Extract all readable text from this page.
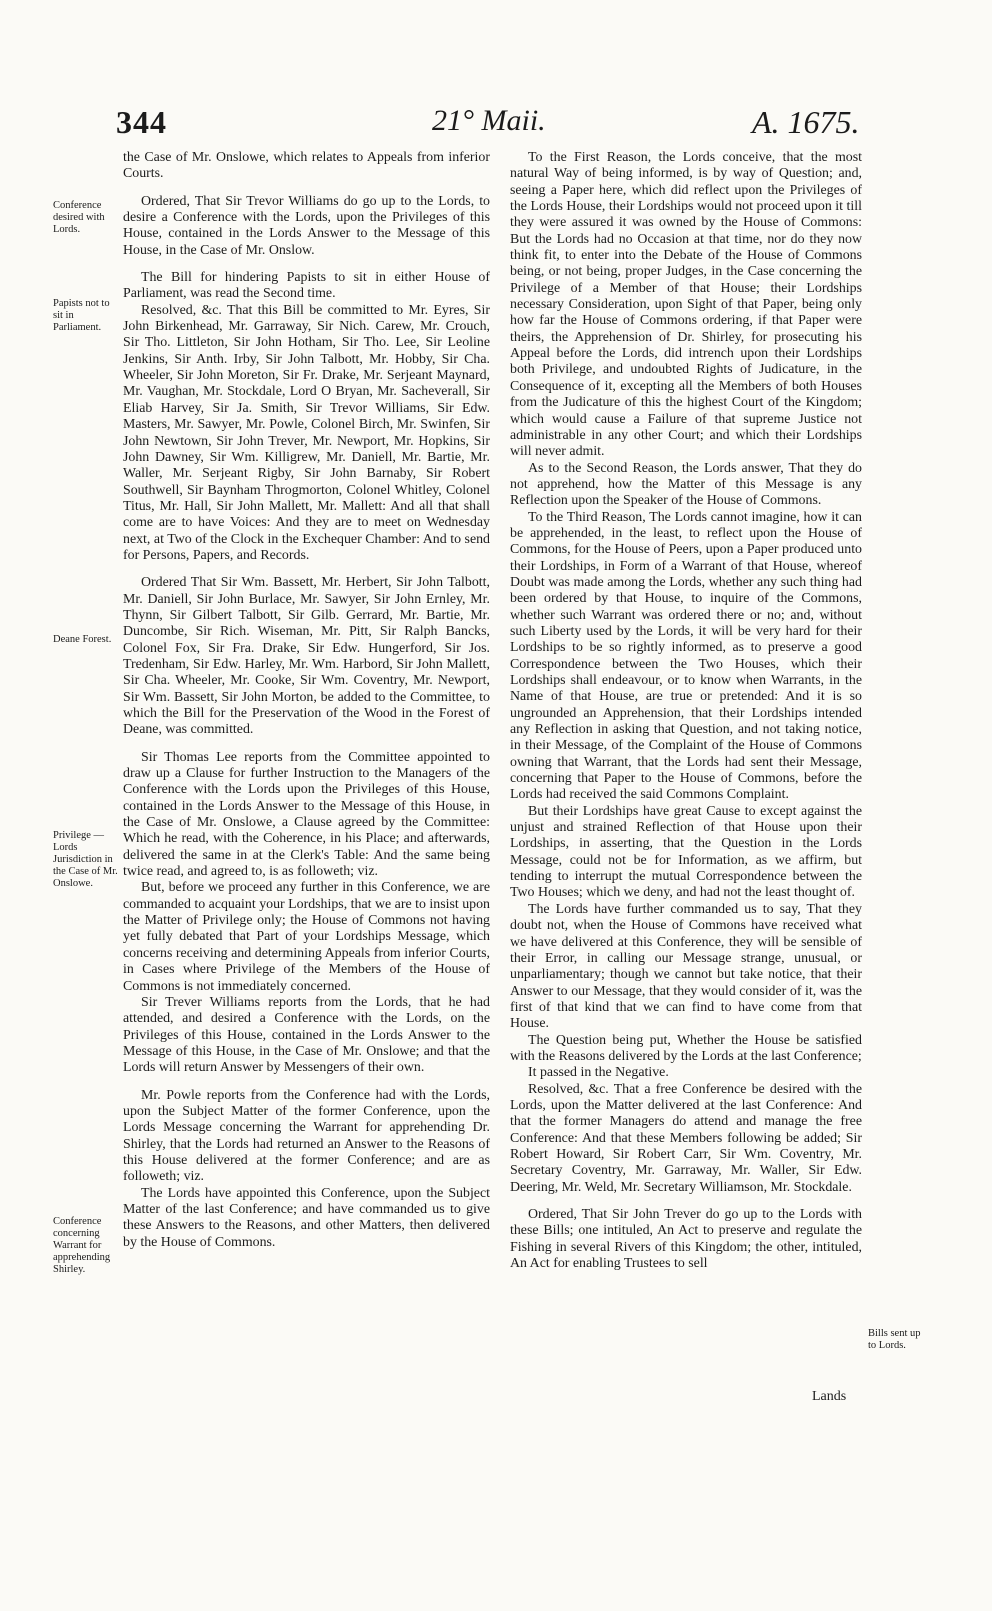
344	21° Maii.	A. 1675.
Conference desired with Lords.
Papists not to sit in Parliament.
Deane Forest.
Privilege — Lords Jurisdiction in the Case of Mr. Onslowe.
Conference concerning Warrant for apprehending Shirley.
Bills sent up to Lords.

the Case of Mr. Onslowe, which relates to Appeals from inferior Courts.

Ordered, That Sir Trevor Williams do go up to the Lords, to desire a Conference with the Lords, upon the Privileges of this House, contained in the Lords Answer to the Message of this House, in the Case of Mr. Onslow.

The Bill for hindering Papists to sit in either House of Parliament, was read the Second time.

Resolved, &c. That this Bill be committed to Mr. Eyres, Sir John Birkenhead, Mr. Garraway, Sir Nich. Carew, Mr. Crouch, Sir Tho. Littleton, Sir John Hotham, Sir Tho. Lee, Sir Leoline Jenkins, Sir Anth. Irby, Sir John Talbott, Mr. Hobby, Sir Cha. Wheeler, Sir John Moreton, Sir Fr. Drake, Mr. Serjeant Maynard, Mr. Vaughan, Mr. Stockdale, Lord O Bryan, Mr. Sacheverall, Sir Eliab Harvey, Sir Ja. Smith, Sir Trevor Williams, Sir Edw. Masters, Mr. Sawyer, Mr. Powle, Colonel Birch, Mr. Swinfen, Sir John Newtown, Sir John Trever, Mr. Newport, Mr. Hopkins, Sir John Dawney, Sir Wm. Killigrew, Mr. Daniell, Mr. Bartie, Mr. Waller, Mr. Serjeant Rigby, Sir John Barnaby, Sir Robert Southwell, Sir Baynham Throgmorton, Colonel Whitley, Colonel Titus, Mr. Hall, Sir John Mallett, Mr. Mallett: And all that shall come are to have Voices: And they are to meet on Wednesday next, at Two of the Clock in the Exchequer Chamber: And to send for Persons, Papers, and Records.

Ordered That Sir Wm. Bassett, Mr. Herbert, Sir John Talbott, Mr. Daniell, Sir John Burlace, Mr. Sawyer, Sir John Ernley, Mr. Thynn, Sir Gilbert Talbott, Sir Gilb. Gerrard, Mr. Bartie, Mr. Duncombe, Sir Rich. Wiseman, Mr. Pitt, Sir Ralph Bancks, Colonel Fox, Sir Fra. Drake, Sir Edw. Hungerford, Sir Jos. Tredenham, Sir Edw. Harley, Mr. Wm. Harbord, Sir John Mallett, Sir Cha. Wheeler, Mr. Cooke, Sir Wm. Coventry, Mr. Newport, Sir Wm. Bassett, Sir John Morton, be added to the Committee, to which the Bill for the Preservation of the Wood in the Forest of Deane, was committed.

Sir Thomas Lee reports from the Committee appointed to draw up a Clause for further Instruction to the Managers of the Conference with the Lords upon the Privileges of this House, contained in the Lords Answer to the Message of this House, in the Case of Mr. Onslowe, a Clause agreed by the Committee: Which he read, with the Coherence, in his Place; and afterwards, delivered the same in at the Clerk's Table: And the same being twice read, and agreed to, is as followeth; viz.

But, before we proceed any further in this Conference, we are commanded to acquaint your Lordships, that we are to insist upon the Matter of Privilege only; the House of Commons not having yet fully debated that Part of your Lordships Message, which concerns receiving and determining Appeals from inferior Courts, in Cases where Privilege of the Members of the House of Commons is not immediately concerned.

Sir Trever Williams reports from the Lords, that he had attended, and desired a Conference with the Lords, on the Privileges of this House, contained in the Lords Answer to the Message of this House, in the Case of Mr. Onslowe; and that the Lords will return Answer by Messengers of their own.

Mr. Powle reports from the Conference had with the Lords, upon the Subject Matter of the former Conference, upon the Lords Message concerning the Warrant for apprehending Dr. Shirley, that the Lords had returned an Answer to the Reasons of this House delivered at the former Conference; and are as followeth; viz.

The Lords have appointed this Conference, upon the Subject Matter of the last Conference; and have commanded us to give these Answers to the Reasons, and other Matters, then delivered by the House of Commons.

To the First Reason, the Lords conceive, that the most natural Way of being informed, is by way of Question; and, seeing a Paper here, which did reflect upon the Privileges of the Lords House, their Lordships would not proceed upon it till they were assured it was owned by the House of Commons: But the Lords had no Occasion at that time, nor do they now think fit, to enter into the Debate of the House of Commons being, or not being, proper Judges, in the Case concerning the Privilege of a Member of that House; their Lordships necessary Consideration, upon Sight of that Paper, being only how far the House of Commons ordering, if that Paper were theirs, the Apprehension of Dr. Shirley, for prosecuting his Appeal before the Lords, did intrench upon their Lordships both Privilege, and undoubted Rights of Judicature, in the Consequence of it, excepting all the Members of both Houses from the Judicature of this the highest Court of the Kingdom; which would cause a Failure of that supreme Justice not administrable in any other Court; and which their Lordships will never admit.

As to the Second Reason, the Lords answer, That they do not apprehend, how the Matter of this Message is any Reflection upon the Speaker of the House of Commons.

To the Third Reason, The Lords cannot imagine, how it can be apprehended, in the least, to reflect upon the House of Commons, for the House of Peers, upon a Paper produced unto their Lordships, in Form of a Warrant of that House, whereof Doubt was made among the Lords, whether any such thing had been ordered by that House, to inquire of the Commons, whether such Warrant was ordered there or no; and, without such Liberty used by the Lords, it will be very hard for their Lordships to be so rightly informed, as to preserve a good Correspondence between the Two Houses, which their Lordships shall endeavour, or to know when Warrants, in the Name of that House, are true or pretended: And it is so ungrounded an Apprehension, that their Lordships intended any Reflection in asking that Question, and not taking notice, in their Message, of the Complaint of the House of Commons owning that Warrant, that the Lords had sent their Message, concerning that Paper to the House of Commons, before the Lords had received the said Commons Complaint.

But their Lordships have great Cause to except against the unjust and strained Reflection of that House upon their Lordships, in asserting, that the Question in the Lords Message, could not be for Information, as we affirm, but tending to interrupt the mutual Correspondence between the Two Houses; which we deny, and had not the least thought of.

The Lords have further commanded us to say, That they doubt not, when the House of Commons have received what we have delivered at this Conference, they will be sensible of their Error, in calling our Message strange, unusual, or unparliamentary; though we cannot but take notice, that their Answer to our Message, that they would consider of it, was the first of that kind that we can find to have come from that House.

The Question being put, Whether the House be satisfied with the Reasons delivered by the Lords at the last Conference;

It passed in the Negative.

Resolved, &c. That a free Conference be desired with the Lords, upon the Matter delivered at the last Conference: And that the former Managers do attend and manage the free Conference: And that these Members following be added; Sir Robert Howard, Sir Robert Carr, Sir Wm. Coventry, Mr. Secretary Coventry, Mr. Garraway, Mr. Waller, Sir Edw. Deering, Mr. Weld, Mr. Secretary Williamson, Mr. Stockdale.

Ordered, That Sir John Trever do go up to the Lords with these Bills; one intituled, An Act to preserve and regulate the Fishing in several Rivers of this Kingdom; the other, intituled, An Act for enabling Trustees to sell

Lands
